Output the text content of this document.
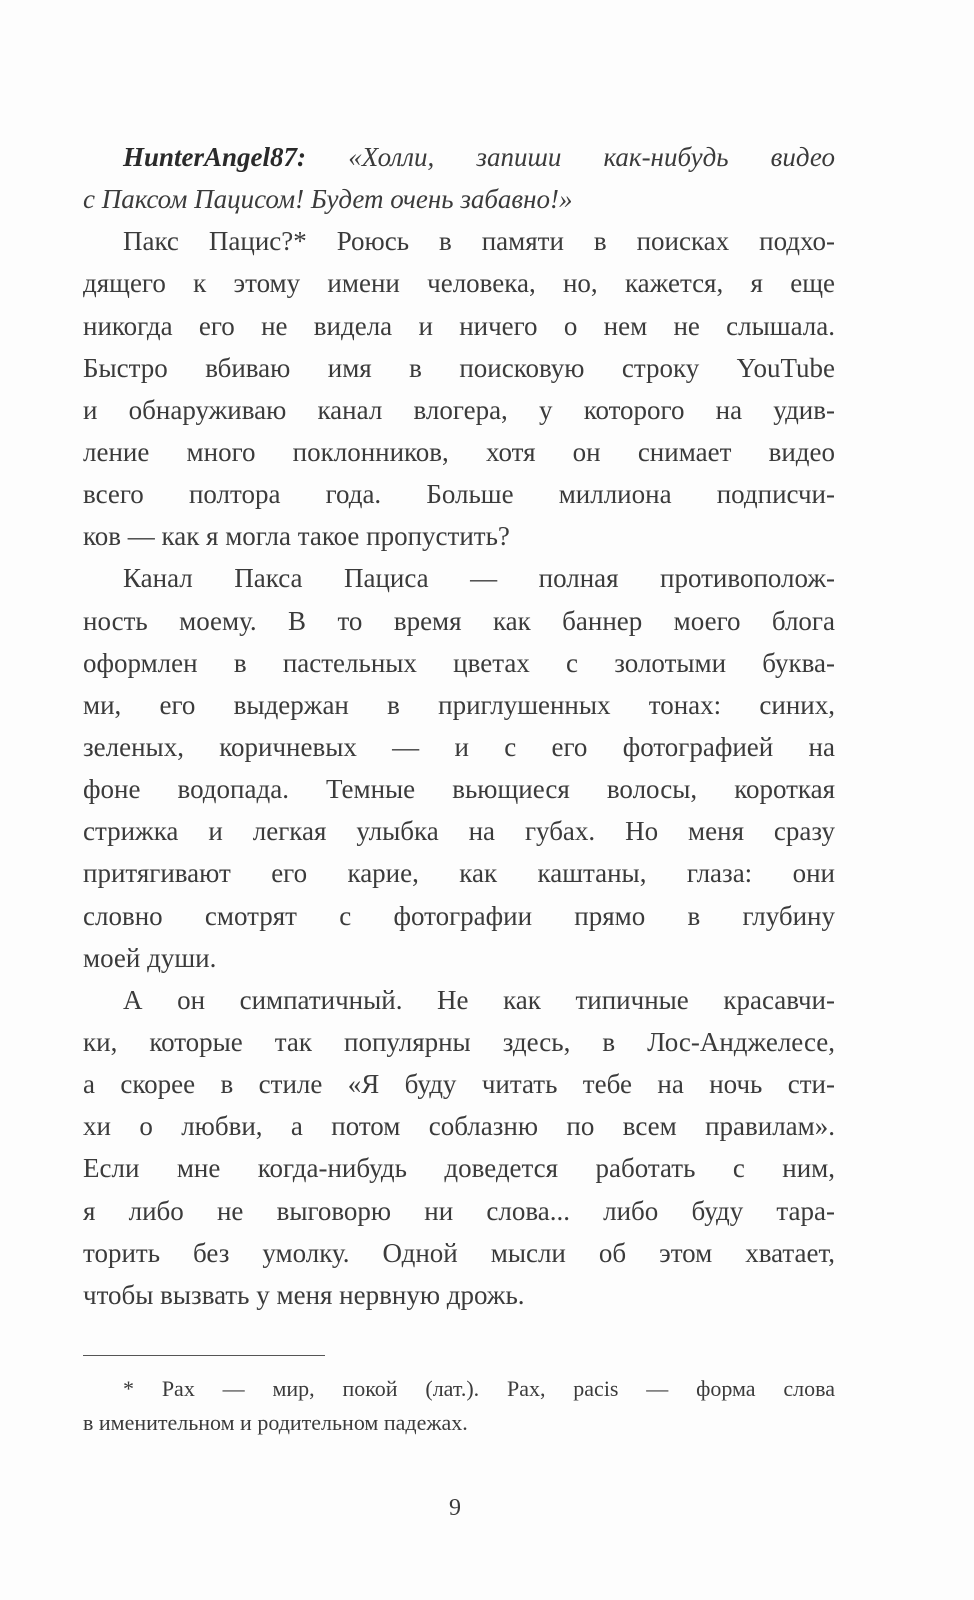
HunterAngel87: «Холли, запиши как-нибудь видео
с Паксом Пацисом! Будет очень забавно!»
Пакс Пацис?* Роюсь в памяти в поисках подхо-
дящего к этому имени человека, но, кажется, я еще
никогда его не видела и ничего о нем не слышала.
Быстро вбиваю имя в поисковую строку YouTube
и обнаруживаю канал влогера, у которого на удив-
ление много поклонников, хотя он снимает видео
всего полтора года. Больше миллиона подписчи-
ков — как я могла такое пропустить?
Канал Пакса Пациса — полная противополож-
ность моему. В то время как баннер моего блога
оформлен в пастельных цветах с золотыми буква-
ми, его выдержан в приглушенных тонах: синих,
зеленых, коричневых — и с его фотографией на
фоне водопада. Темные вьющиеся волосы, короткая
стрижка и легкая улыбка на губах. Но меня сразу
притягивают его карие, как каштаны, глаза: они
словно смотрят с фотографии прямо в глубину
моей души.
А он симпатичный. Не как типичные красавчи-
ки, которые так популярны здесь, в Лос-Анджелесе,
а скорее в стиле «Я буду читать тебе на ночь сти-
хи о любви, а потом соблазню по всем правилам».
Если мне когда-нибудь доведется работать с ним,
я либо не выговорю ни слова... либо буду тара-
торить без умолку. Одной мысли об этом хватает,
чтобы вызвать у меня нервную дрожь.
* Pax — мир, покой (лат.). Pax, pacis — форма слова
в именительном и родительном падежах.
9
